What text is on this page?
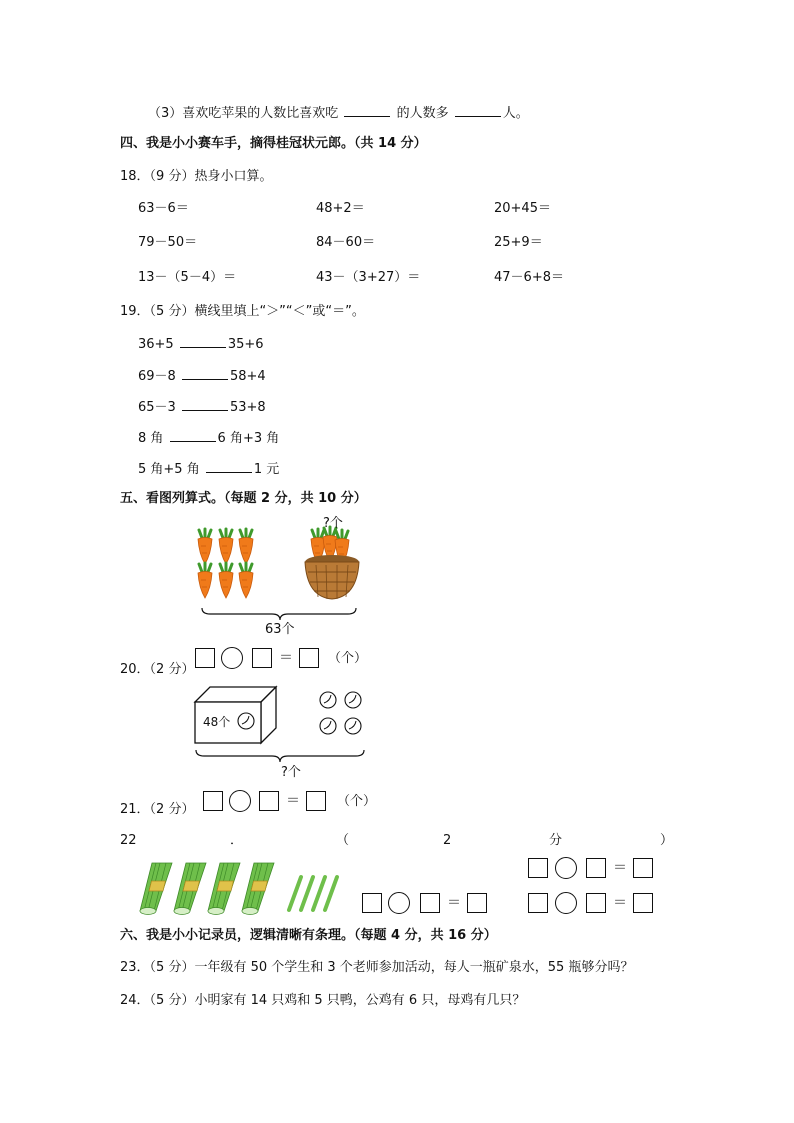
（3）喜欢吃苹果的人数比喜欢吃	的人数多	人。
四、我是小小赛车手，摘得桂冠状元郎。（共 14 分）
18．（9 分）热身小口算。
63－6＝	48+2＝	20+45＝
79－50＝	84－60＝	25+9＝
13－（5－4）＝	43－（3+27）＝	47－6+8＝
19．（5 分）横线里填上“＞”“＜”或“＝”。
36+5	35+6
69－8	58+4
65－3	53+8
8 角	6 角+3 角
5 角+5 角	1 元
五、看图列算式。（每题 2 分，共 10 分）
?个
63个
＝	（个）
20．（2 分）
48个
?个
＝	（个）
21．（2 分）
22	．	（	2	分	）
＝
＝
＝
六、我是小小记录员，逻辑清晰有条理。（每题 4 分，共 16 分）
23．（5 分）一年级有 50 个学生和 3 个老师参加活动，每人一瓶矿泉水，55 瓶够分吗？
24．（5 分）小明家有 14 只鸡和 5 只鸭，公鸡有 6 只，母鸡有几只？
